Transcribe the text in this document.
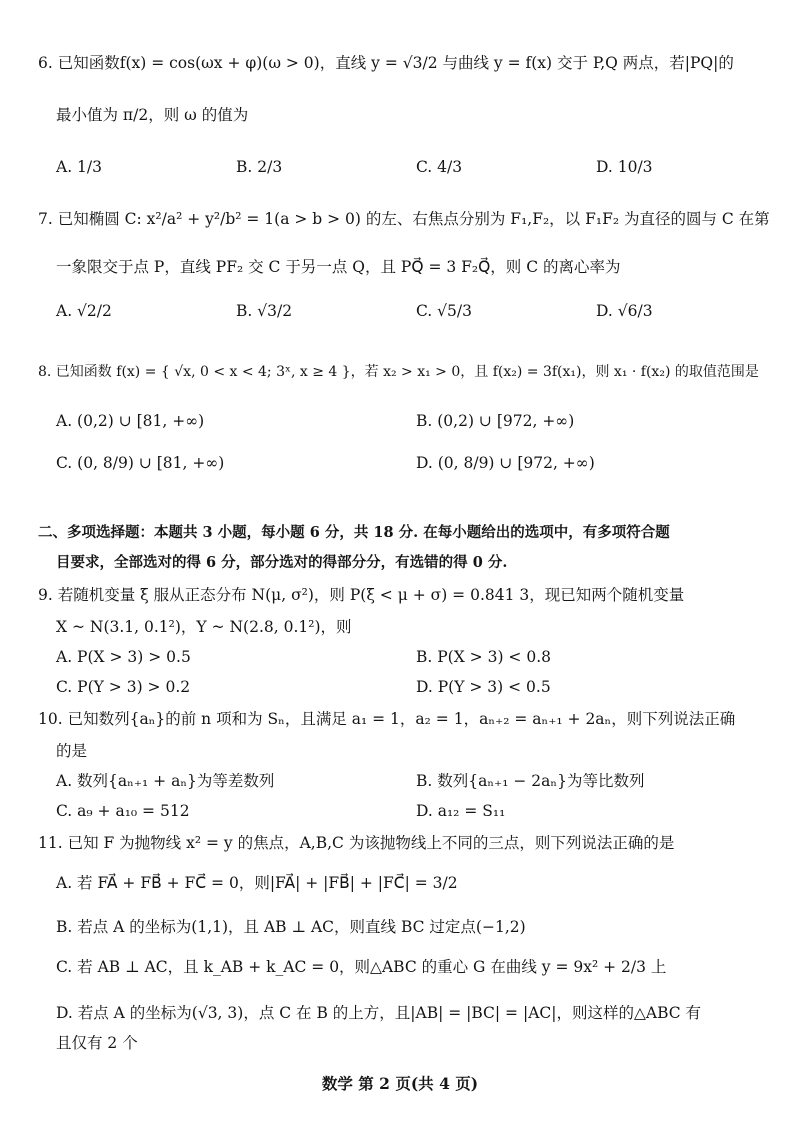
6. 已知函数f(x) = cos(ωx + φ)(ω > 0)，直线 y = √3/2 与曲线 y = f(x) 交于 P,Q 两点，若|PQ|的
最小值为 π/2，则 ω 的值为
A. 1/3	B. 2/3	C. 4/3	D. 10/3
7. 已知椭圆 C: x²/a² + y²/b² = 1(a > b > 0) 的左、右焦点分别为 F₁,F₂，以 F₁F₂ 为直径的圆与 C 在第
一象限交于点 P，直线 PF₂ 交 C 于另一点 Q，且 PQ⃗ = 3 F₂Q⃗，则 C 的离心率为
A. √2/2	B. √3/2	C. √5/3	D. √6/3
8. 已知函数 f(x) = { √x, 0 < x < 4; 3ˣ, x ≥ 4 }，若 x₂ > x₁ > 0，且 f(x₂) = 3f(x₁)，则 x₁ · f(x₂) 的取值范围是
A. (0,2) ∪ [81, +∞)	B. (0,2) ∪ [972, +∞)
C. (0, 8/9) ∪ [81, +∞)	D. (0, 8/9) ∪ [972, +∞)
二、多项选择题：本题共 3 小题，每小题 6 分，共 18 分. 在每小题给出的选项中，有多项符合题
目要求，全部选对的得 6 分，部分选对的得部分分，有选错的得 0 分.
9. 若随机变量 ξ 服从正态分布 N(μ, σ²)，则 P(ξ < μ + σ) = 0.841 3，现已知两个随机变量
X ~ N(3.1, 0.1²)，Y ~ N(2.8, 0.1²)，则
A. P(X > 3) > 0.5	B. P(X > 3) < 0.8
C. P(Y > 3) > 0.2	D. P(Y > 3) < 0.5
10. 已知数列{aₙ}的前 n 项和为 Sₙ，且满足 a₁ = 1，a₂ = 1，aₙ₊₂ = aₙ₊₁ + 2aₙ，则下列说法正确
的是
A. 数列{aₙ₊₁ + aₙ}为等差数列	B. 数列{aₙ₊₁ − 2aₙ}为等比数列
C. a₉ + a₁₀ = 512	D. a₁₂ = S₁₁
11. 已知 F 为抛物线 x² = y 的焦点，A,B,C 为该抛物线上不同的三点，则下列说法正确的是
A. 若 FA⃗ + FB⃗ + FC⃗ = 0，则|FA⃗| + |FB⃗| + |FC⃗| = 3/2
B. 若点 A 的坐标为(1,1)，且 AB ⊥ AC，则直线 BC 过定点(−1,2)
C. 若 AB ⊥ AC，且 k_AB + k_AC = 0，则△ABC 的重心 G 在曲线 y = 9x² + 2/3 上
D. 若点 A 的坐标为(√3, 3)，点 C 在 B 的上方，且|AB| = |BC| = |AC|，则这样的△ABC 有
且仅有 2 个
数学 第 2 页(共 4 页)
